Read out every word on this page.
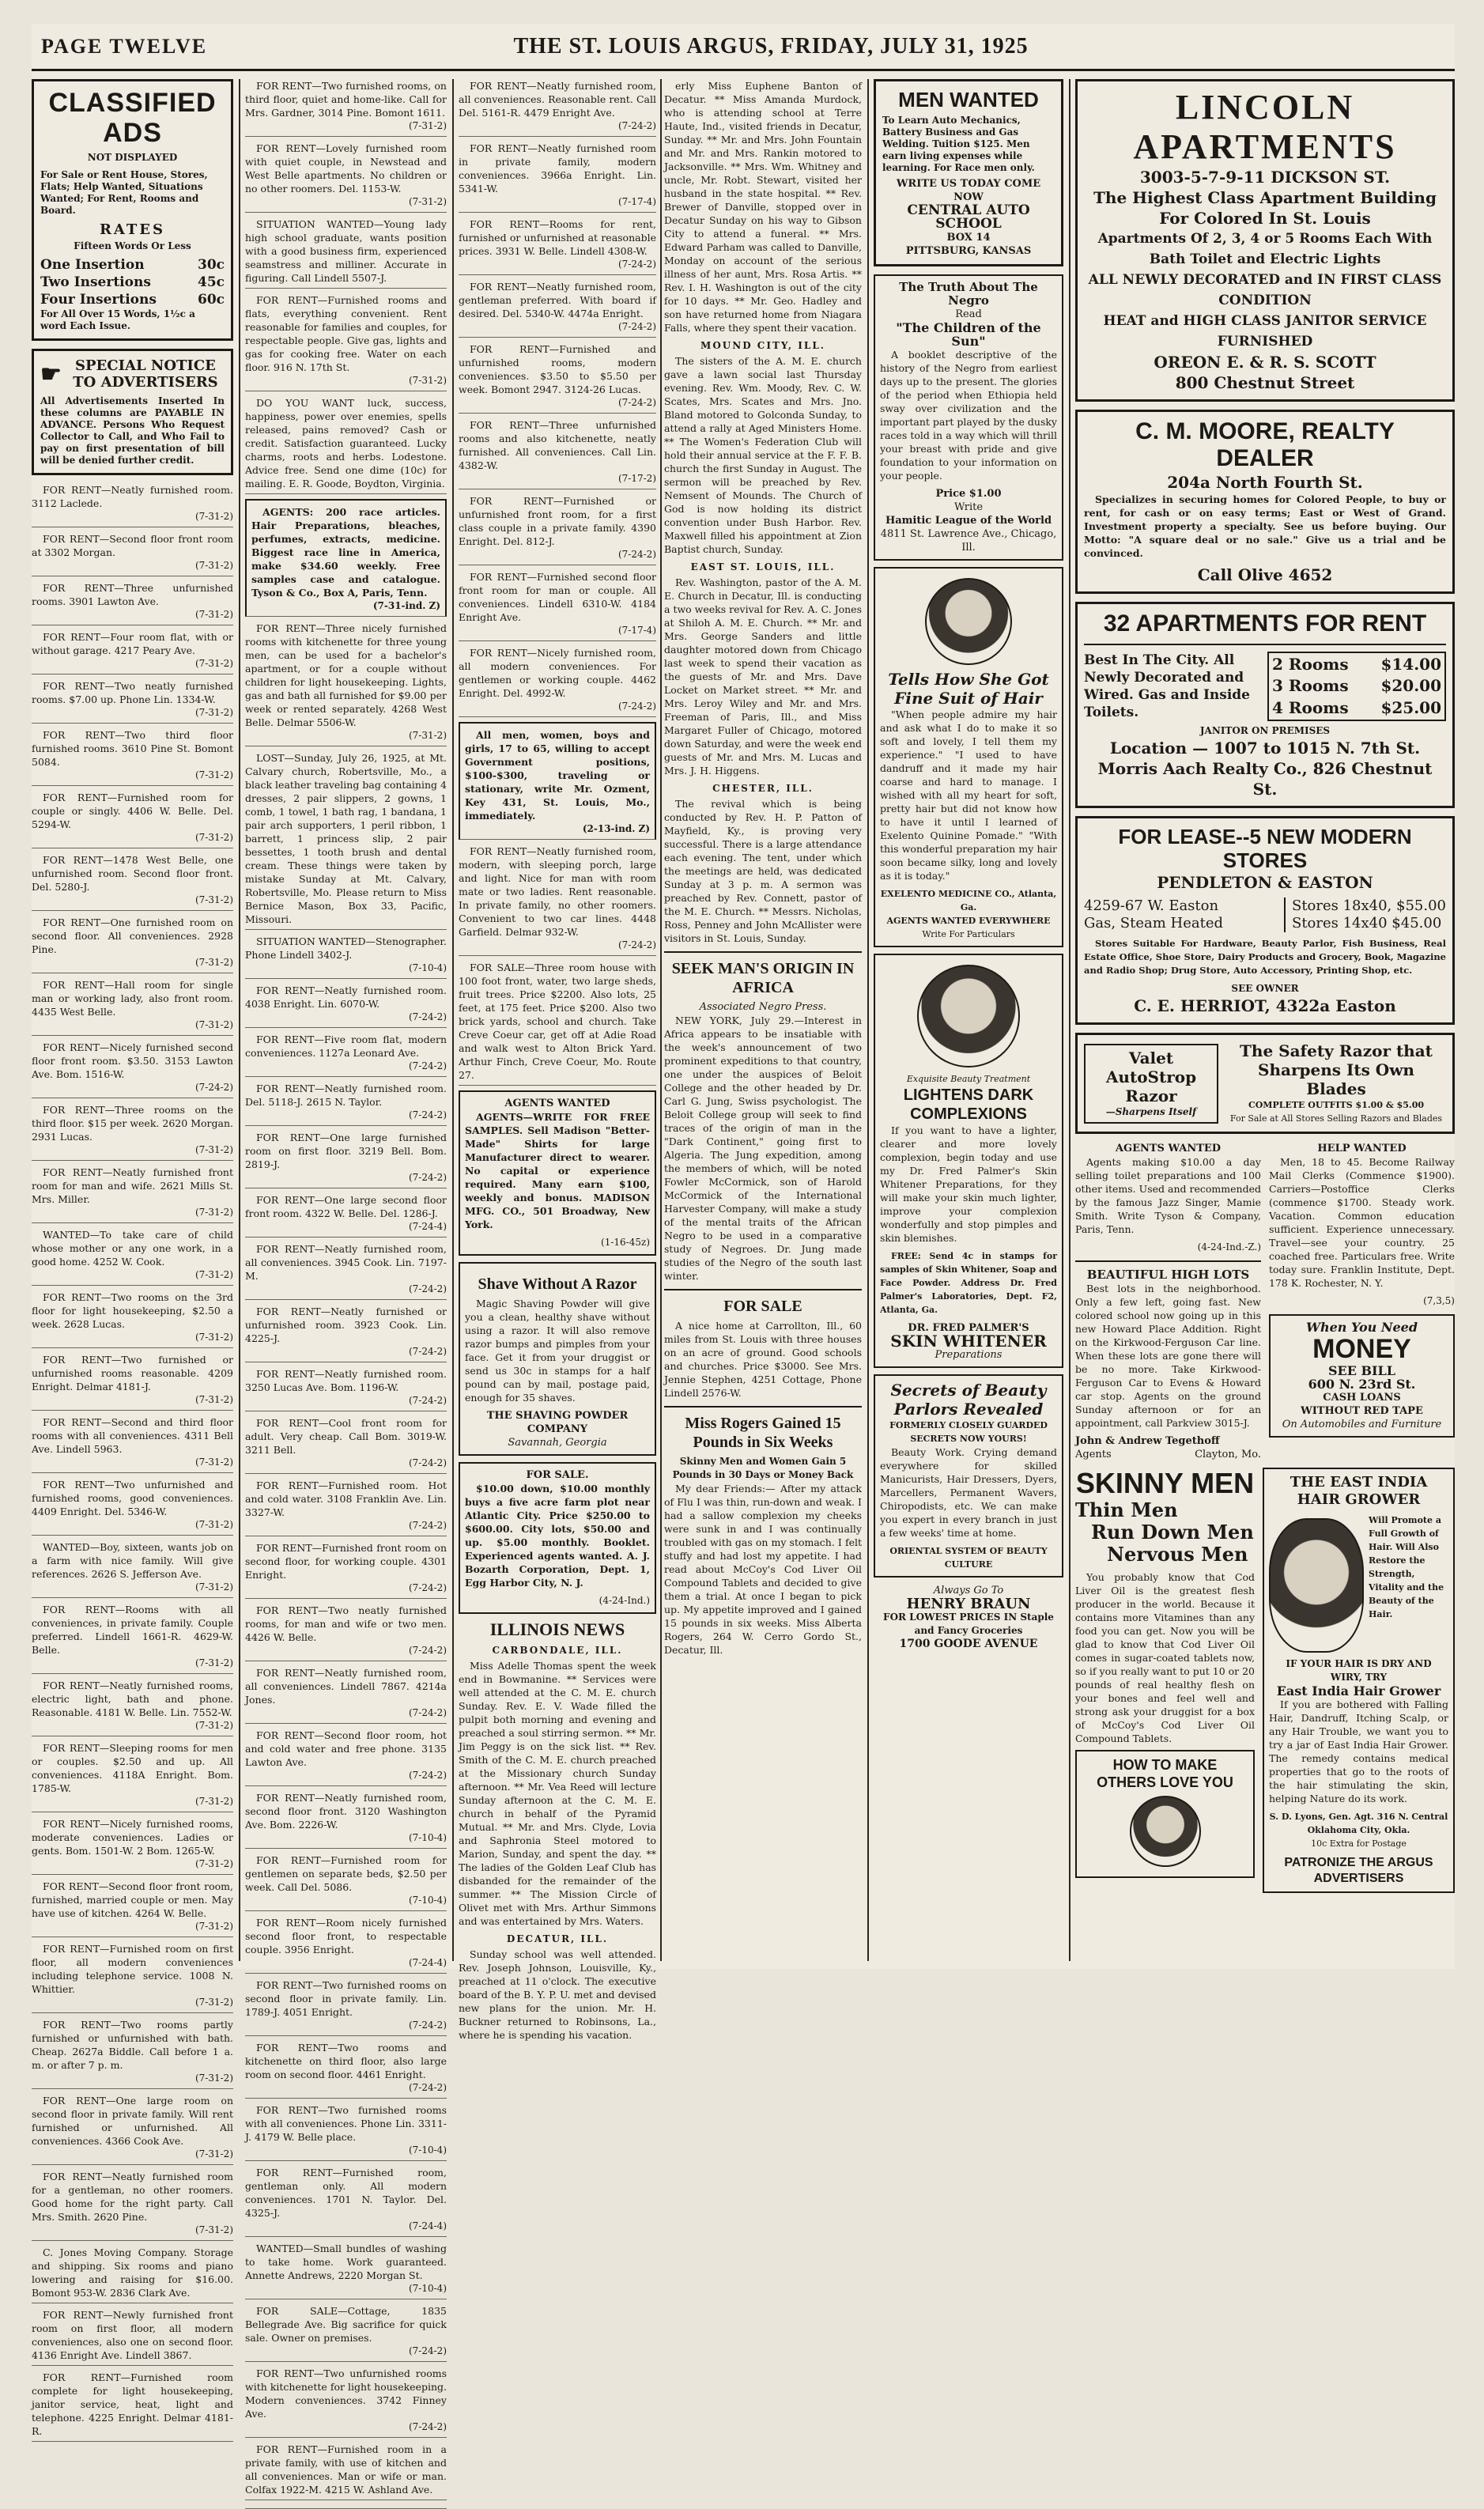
PAGE TWELVE	THE ST. LOUIS ARGUS, FRIDAY, JULY 31, 1925
CLASSIFIED ADS
NOT DISPLAYED
For Sale or Rent House, Stores, Flats; Help Wanted, Situations Wanted; For Rent, Rooms and Board.
RATES
Fifteen Words Or Less
One Insertion	30c
Two Insertions	45c
Four Insertions	60c
For All Over 15 Words, 1½c a word Each Issue.
☛ SPECIAL NOTICE TO ADVERTISERS
All Advertisements Inserted In these columns are PAYABLE IN ADVANCE. Persons Who Request Collector to Call, and Who Fail to pay on first presentation of bill will be denied further credit.
FOR RENT—Neatly furnished room. 3112 Laclede.
(7-31-2)
FOR RENT—Second floor front room at 3302 Morgan.
(7-31-2)
FOR RENT—Three unfurnished rooms. 3901 Lawton Ave.
(7-31-2)
FOR RENT—Four room flat, with or without garage. 4217 Peary Ave.
(7-31-2)
FOR RENT—Two neatly furnished rooms. $7.00 up. Phone Lin. 1334-W.
(7-31-2)
FOR RENT—Two third floor furnished rooms. 3610 Pine St. Bomont 5084.
(7-31-2)
FOR RENT—Furnished room for couple or singly. 4406 W. Belle. Del. 5294-W.
(7-31-2)
FOR RENT—1478 West Belle, one unfurnished room. Second floor front. Del. 5280-J.
(7-31-2)
FOR RENT—One furnished room on second floor. All conveniences. 2928 Pine.
(7-31-2)
FOR RENT—Hall room for single man or working lady, also front room. 4435 West Belle.
(7-31-2)
FOR RENT—Nicely furnished second floor front room. $3.50. 3153 Lawton Ave. Bom. 1516-W.
(7-24-2)
FOR RENT—Three rooms on the third floor. $15 per week. 2620 Morgan. 2931 Lucas.
(7-31-2)
FOR RENT—Neatly furnished front room for man and wife. 2621 Mills St. Mrs. Miller.
(7-31-2)
WANTED—To take care of child whose mother or any one work, in a good home. 4252 W. Cook.
(7-31-2)
FOR RENT—Two rooms on the 3rd floor for light housekeeping, $2.50 a week. 2628 Lucas.
(7-31-2)
FOR RENT—Two furnished or unfurnished rooms reasonable. 4209 Enright. Delmar 4181-J.
(7-31-2)
FOR RENT—Second and third floor rooms with all conveniences. 4311 Bell Ave. Lindell 5963.
(7-31-2)
FOR RENT—Two unfurnished and furnished rooms, good conveniences. 4409 Enright. Del. 5346-W.
(7-31-2)
WANTED—Boy, sixteen, wants job on a farm with nice family. Will give references. 2626 S. Jefferson Ave.
(7-31-2)
FOR RENT—Rooms with all conveniences, in private family. Couple preferred. Lindell 1661-R. 4629-W. Belle.
(7-31-2)
FOR RENT—Neatly furnished rooms, electric light, bath and phone. Reasonable. 4181 W. Belle. Lin. 7552-W.
(7-31-2)
FOR RENT—Sleeping rooms for men or couples. $2.50 and up. All conveniences. 4118A Enright. Bom. 1785-W.
(7-31-2)
FOR RENT—Nicely furnished rooms, moderate conveniences. Ladies or gents. Bom. 1501-W. 2 Bom. 1265-W.
(7-31-2)
FOR RENT—Second floor front room, furnished, married couple or men. May have use of kitchen. 4264 W. Belle.
(7-31-2)
FOR RENT—Furnished room on first floor, all modern conveniences including telephone service. 1008 N. Whittier.
(7-31-2)
FOR RENT—Two rooms partly furnished or unfurnished with bath. Cheap. 2627a Biddle. Call before 1 a. m. or after 7 p. m.
(7-31-2)
FOR RENT—One large room on second floor in private family. Will rent furnished or unfurnished. All conveniences. 4366 Cook Ave.
(7-31-2)
FOR RENT—Neatly furnished room for a gentleman, no other roomers. Good home for the right party. Call Mrs. Smith. 2620 Pine.
(7-31-2)
C. Jones Moving Company. Storage and shipping. Six rooms and piano lowering and raising for $16.00. Bomont 953-W. 2836 Clark Ave.
FOR RENT—Newly furnished front room on first floor, all modern conveniences, also one on second floor. 4136 Enright Ave. Lindell 3867.
FOR RENT—Furnished room complete for light housekeeping, janitor service, heat, light and telephone. 4225 Enright. Delmar 4181-R.
FOR RENT—Two furnished rooms, on third floor, quiet and home-like. Call for Mrs. Gardner, 3014 Pine. Bomont 1611.
(7-31-2)
FOR RENT—Lovely furnished room with quiet couple, in Newstead and West Belle apartments. No children or no other roomers. Del. 1153-W.
(7-31-2)
SITUATION WANTED—Young lady high school graduate, wants position with a good business firm, experienced seamstress and milliner. Accurate in figuring. Call Lindell 5507-J.
FOR RENT—Furnished rooms and flats, everything convenient. Rent reasonable for families and couples, for respectable people. Give gas, lights and gas for cooking free. Water on each floor. 916 N. 17th St.
(7-31-2)
DO YOU WANT luck, success, happiness, power over enemies, spells released, pains removed? Cash or credit. Satisfaction guaranteed. Lucky charms, roots and herbs. Lodestone. Advice free. Send one dime (10c) for mailing. E. R. Goode, Boydton, Virginia.
AGENTS: 200 race articles. Hair Preparations, bleaches, perfumes, extracts, medicine. Biggest race line in America, make $34.60 weekly. Free samples case and catalogue. Tyson & Co., Box A, Paris, Tenn.
(7-31-ind. Z)
FOR RENT—Three nicely furnished rooms with kitchenette for three young men, can be used for a bachelor's apartment, or for a couple without children for light housekeeping. Lights, gas and bath all furnished for $9.00 per week or rented separately. 4268 West Belle. Delmar 5506-W.
(7-31-2)
LOST—Sunday, July 26, 1925, at Mt. Calvary church, Robertsville, Mo., a black leather traveling bag containing 4 dresses, 2 pair slippers, 2 gowns, 1 comb, 1 towel, 1 bath rag, 1 bandana, 1 pair arch supporters, 1 peril ribbon, 1 barrett, 1 princess slip, 2 pair bessettes, 1 tooth brush and dental cream. These things were taken by mistake Sunday at Mt. Calvary, Robertsville, Mo. Please return to Miss Bernice Mason, Box 33, Pacific, Missouri.
SITUATION WANTED—Stenographer. Phone Lindell 3402-J.
(7-10-4)
FOR RENT—Neatly furnished room. 4038 Enright. Lin. 6070-W.
(7-24-2)
FOR RENT—Five room flat, modern conveniences. 1127a Leonard Ave.
(7-24-2)
FOR RENT—Neatly furnished room. Del. 5118-J. 2615 N. Taylor.
(7-24-2)
FOR RENT—One large furnished room on first floor. 3219 Bell. Bom. 2819-J.
(7-24-2)
FOR RENT—One large second floor front room. 4322 W. Belle. Del. 1286-J.
(7-24-4)
FOR RENT—Neatly furnished room, all conveniences. 3945 Cook. Lin. 7197-M.
(7-24-2)
FOR RENT—Neatly furnished or unfurnished room. 3923 Cook. Lin. 4225-J.
(7-24-2)
FOR RENT—Neatly furnished room. 3250 Lucas Ave. Bom. 1196-W.
(7-24-2)
FOR RENT—Cool front room for adult. Very cheap. Call Bom. 3019-W. 3211 Bell.
(7-24-2)
FOR RENT—Furnished room. Hot and cold water. 3108 Franklin Ave. Lin. 3327-W.
(7-24-2)
FOR RENT—Furnished front room on second floor, for working couple. 4301 Enright.
(7-24-2)
FOR RENT—Two neatly furnished rooms, for man and wife or two men. 4426 W. Belle.
(7-24-2)
FOR RENT—Neatly furnished room, all conveniences. Lindell 7867. 4214a Jones.
(7-24-2)
FOR RENT—Second floor room, hot and cold water and free phone. 3135 Lawton Ave.
(7-24-2)
FOR RENT—Neatly furnished room, second floor front. 3120 Washington Ave. Bom. 2226-W.
(7-10-4)
FOR RENT—Furnished room for gentlemen on separate beds, $2.50 per week. Call Del. 5086.
(7-10-4)
FOR RENT—Room nicely furnished second floor front, to respectable couple. 3956 Enright.
(7-24-4)
FOR RENT—Two furnished rooms on second floor in private family. Lin. 1789-J. 4051 Enright.
(7-24-2)
FOR RENT—Two rooms and kitchenette on third floor, also large room on second floor. 4461 Enright.
(7-24-2)
FOR RENT—Two furnished rooms with all conveniences. Phone Lin. 3311-J. 4179 W. Belle place.
(7-10-4)
FOR RENT—Furnished room, gentleman only. All modern conveniences. 1701 N. Taylor. Del. 4325-J.
(7-24-4)
WANTED—Small bundles of washing to take home. Work guaranteed. Annette Andrews, 2220 Morgan St.
(7-10-4)
FOR SALE—Cottage, 1835 Bellegrade Ave. Big sacrifice for quick sale. Owner on premises.
(7-24-2)
FOR RENT—Two unfurnished rooms with kitchenette for light housekeeping. Modern conveniences. 3742 Finney Ave.
(7-24-2)
FOR RENT—Furnished room in a private family, with use of kitchen and all conveniences. Man or wife or man. Colfax 1922-M. 4215 W. Ashland Ave.
FOR RENT—Neatly furnished room, all conveniences. Reasonable rent. Call Del. 5161-R. 4479 Enright Ave.
(7-24-2)
FOR RENT—Neatly furnished room in private family, modern conveniences. 3966a Enright. Lin. 5341-W.
(7-17-4)
FOR RENT—Rooms for rent, furnished or unfurnished at reasonable prices. 3931 W. Belle. Lindell 4308-W.
(7-24-2)
FOR RENT—Neatly furnished room, gentleman preferred. With board if desired. Del. 5340-W. 4474a Enright.
(7-24-2)
FOR RENT—Furnished and unfurnished rooms, modern conveniences. $3.50 to $5.50 per week. Bomont 2947. 3124-26 Lucas.
(7-24-2)
FOR RENT—Three unfurnished rooms and also kitchenette, neatly furnished. All conveniences. Call Lin. 4382-W.
(7-17-2)
FOR RENT—Furnished or unfurnished front room, for a first class couple in a private family. 4390 Enright. Del. 812-J.
(7-24-2)
FOR RENT—Furnished second floor front room for man or couple. All conveniences. Lindell 6310-W. 4184 Enright Ave.
(7-17-4)
FOR RENT—Nicely furnished room, all modern conveniences. For gentlemen or working couple. 4462 Enright. Del. 4992-W.
(7-24-2)
All men, women, boys and girls, 17 to 65, willing to accept Government positions, $100-$300, traveling or stationary, write Mr. Ozment, Key 431, St. Louis, Mo., immediately.
(2-13-ind. Z)
FOR RENT—Neatly furnished room, modern, with sleeping porch, large and light. Nice for man with room mate or two ladies. Rent reasonable. In private family, no other roomers. Convenient to two car lines. 4448 Garfield. Delmar 932-W.
(7-24-2)
FOR SALE—Three room house with 100 foot front, water, two large sheds, fruit trees. Price $2200. Also lots, 25 feet, at 175 feet. Price $200. Also two brick yards, school and church. Take Creve Coeur car, get off at Adie Road and walk west to Alton Brick Yard. Arthur Finch, Creve Coeur, Mo. Route 27.
AGENTS WANTED
AGENTS—WRITE FOR FREE SAMPLES. Sell Madison "Better-Made" Shirts for large Manufacturer direct to wearer. No capital or experience required. Many earn $100, weekly and bonus. MADISON MFG. CO., 501 Broadway, New York.
(1-16-45z)
Shave Without A Razor
Magic Shaving Powder will give you a clean, healthy shave without using a razor. It will also remove razor bumps and pimples from your face. Get it from your druggist or send us 30c in stamps for a half pound can by mail, postage paid, enough for 35 shaves.
THE SHAVING POWDER COMPANY
Savannah, Georgia
FOR SALE.
$10.00 down, $10.00 monthly buys a five acre farm plot near Atlantic City. Price $250.00 to $600.00. City lots, $50.00 and up. $5.00 monthly. Booklet. Experienced agents wanted. A. J. Bozarth Corporation, Dept. 1, Egg Harbor City, N. J.
(4-24-Ind.)
ILLINOIS NEWS
CARBONDALE, ILL.
Miss Adelle Thomas spent the week end in Bowmanine. ** Services were well attended at the C. M. E. church Sunday. Rev. E. V. Wade filled the pulpit both morning and evening and preached a soul stirring sermon. ** Mr. Jim Peggy is on the sick list. ** Rev. Smith of the C. M. E. church preached at the Missionary church Sunday afternoon. ** Mr. Vea Reed will lecture Sunday afternoon at the C. M. E. church in behalf of the Pyramid Mutual. ** Mr. and Mrs. Clyde, Lovia and Saphronia Steel motored to Marion, Sunday, and spent the day. ** The ladies of the Golden Leaf Club has disbanded for the remainder of the summer. ** The Mission Circle of Olivet met with Mrs. Arthur Simmons and was entertained by Mrs. Waters.
DECATUR, ILL.
Sunday school was well attended. Rev. Joseph Johnson, Louisville, Ky., preached at 11 o'clock. The executive board of the B. Y. P. U. met and devised new plans for the union. Mr. H. Buckner returned to Robinsons, La., where he is spending his vacation.
erly Miss Euphene Banton of Decatur. ** Miss Amanda Murdock, who is attending school at Terre Haute, Ind., visited friends in Decatur, Sunday. ** Mr. and Mrs. John Fountain and Mr. and Mrs. Rankin motored to Jacksonville. ** Mrs. Wm. Whitney and uncle, Mr. Robt. Stewart, visited her husband in the state hospital. ** Rev. Brewer of Danville, stopped over in Decatur Sunday on his way to Gibson City to attend a funeral. ** Mrs. Edward Parham was called to Danville, Monday on account of the serious illness of her aunt, Mrs. Rosa Artis. ** Rev. I. H. Washington is out of the city for 10 days. ** Mr. Geo. Hadley and son have returned home from Niagara Falls, where they spent their vacation.
MOUND CITY, ILL.
The sisters of the A. M. E. church gave a lawn social last Thursday evening. Rev. Wm. Moody, Rev. C. W. Scates, Mrs. Scates and Mrs. Jno. Bland motored to Golconda Sunday, to attend a rally at Aged Ministers Home. ** The Women's Federation Club will hold their annual service at the F. F. B. church the first Sunday in August. The sermon will be preached by Rev. Nemsent of Mounds. The Church of God is now holding its district convention under Bush Harbor. Rev. Maxwell filled his appointment at Zion Baptist church, Sunday.
EAST ST. LOUIS, ILL.
Rev. Washington, pastor of the A. M. E. Church in Decatur, Ill. is conducting a two weeks revival for Rev. A. C. Jones at Shiloh A. M. E. Church. ** Mr. and Mrs. George Sanders and little daughter motored down from Chicago last week to spend their vacation as the guests of Mr. and Mrs. Dave Locket on Market street. ** Mr. and Mrs. Leroy Wiley and Mr. and Mrs. Freeman of Paris, Ill., and Miss Margaret Fuller of Chicago, motored down Saturday, and were the week end guests of Mr. and Mrs. M. Lucas and Mrs. J. H. Higgens.
CHESTER, ILL.
The revival which is being conducted by Rev. H. P. Patton of Mayfield, Ky., is proving very successful. There is a large attendance each evening. The tent, under which the meetings are held, was dedicated Sunday at 3 p. m. A sermon was preached by Rev. Connett, pastor of the M. E. Church. ** Messrs. Nicholas, Ross, Penney and John McAllister were visitors in St. Louis, Sunday.
SEEK MAN'S ORIGIN IN AFRICA
Associated Negro Press.
NEW YORK, July 29.—Interest in Africa appears to be insatiable with the week's announcement of two prominent expeditions to that country, one under the auspices of Beloit College and the other headed by Dr. Carl G. Jung, Swiss psychologist. The Beloit College group will seek to find traces of the origin of man in the "Dark Continent," going first to Algeria. The Jung expedition, among the members of which, will be noted Fowler McCormick, son of Harold McCormick of the International Harvester Company, will make a study of the mental traits of the African Negro to be used in a comparative study of Negroes. Dr. Jung made studies of the Negro of the south last winter.
FOR SALE
A nice home at Carrollton, Ill., 60 miles from St. Louis with three houses on an acre of ground. Good schools and churches. Price $3000. See Mrs. Jennie Stephen, 4251 Cottage, Phone Lindell 2576-W.
Miss Rogers Gained 15 Pounds in Six Weeks
Skinny Men and Women Gain 5 Pounds in 30 Days or Money Back
My dear Friends:— After my attack of Flu I was thin, run-down and weak. I had a sallow complexion my cheeks were sunk in and I was continually troubled with gas on my stomach. I felt stuffy and had lost my appetite. I had read about McCoy's Cod Liver Oil Compound Tablets and decided to give them a trial. At once I began to pick up. My appetite improved and I gained 15 pounds in six weeks. Miss Alberta Rogers, 264 W. Cerro Gordo St., Decatur, Ill.
MEN WANTED
To Learn Auto Mechanics, Battery Business and Gas Welding. Tuition $125. Men earn living expenses while learning. For Race men only.
WRITE US TODAY COME NOW
CENTRAL AUTO SCHOOL
BOX 14
PITTSBURG, KANSAS
The Truth About The Negro
Read
"The Children of the Sun"
A booklet descriptive of the history of the Negro from earliest days up to the present. The glories of the period when Ethiopia held sway over civilization and the important part played by the dusky races told in a way which will thrill your breast with pride and give foundation to your information on your people.
Price $1.00
Write
Hamitic League of the World
4811 St. Lawrence Ave., Chicago, Ill.
Tells How She Got Fine Suit of Hair
"When people admire my hair and ask what I do to make it so soft and lovely, I tell them my experience." "I used to have dandruff and it made my hair coarse and hard to manage. I wished with all my heart for soft, pretty hair but did not know how to have it until I learned of Exelento Quinine Pomade." "With this wonderful preparation my hair soon became silky, long and lovely as it is today."
EXELENTO MEDICINE CO., Atlanta, Ga.
AGENTS WANTED EVERYWHERE
Write For Particulars
Exquisite Beauty Treatment
LIGHTENS DARK COMPLEXIONS
If you want to have a lighter, clearer and more lovely complexion, begin today and use my Dr. Fred Palmer's Skin Whitener Preparations, for they will make your skin much lighter, improve your complexion wonderfully and stop pimples and skin blemishes.
FREE: Send 4c in stamps for samples of Skin Whitener, Soap and Face Powder. Address Dr. Fred Palmer's Laboratories, Dept. F2, Atlanta, Ga.
DR. FRED PALMER'S
SKIN WHITENER
Preparations
Secrets of Beauty Parlors Revealed
FORMERLY CLOSELY GUARDED SECRETS NOW YOURS!
Beauty Work. Crying demand everywhere for skilled Manicurists, Hair Dressers, Dyers, Marcellers, Permanent Wavers, Chiropodists, etc. We can make you expert in every branch in just a few weeks' time at home.
ORIENTAL SYSTEM OF BEAUTY CULTURE
Always Go To
HENRY BRAUN
FOR LOWEST PRICES IN Staple and Fancy Groceries
1700 GOODE AVENUE
LINCOLN APARTMENTS
3003-5-7-9-11 DICKSON ST.
The Highest Class Apartment Building For Colored In St. Louis
Apartments Of 2, 3, 4 or 5 Rooms Each With Bath Toilet and Electric Lights
ALL NEWLY DECORATED and IN FIRST CLASS CONDITION
HEAT and HIGH CLASS JANITOR SERVICE FURNISHED
OREON E. & R. S. SCOTT
800 Chestnut Street
C. M. MOORE, REALTY DEALER
204a North Fourth St.
Specializes in securing homes for Colored People, to buy or rent, for cash or on easy terms; East or West of Grand. Investment property a specialty. See us before buying. Our Motto: "A square deal or no sale." Give us a trial and be convinced.
Call Olive 4652
32 APARTMENTS FOR RENT
Best In The City. All Newly Decorated and Wired. Gas and Inside Toilets.
2 Rooms	$14.00
3 Rooms	$20.00
4 Rooms	$25.00
JANITOR ON PREMISES
Location — 1007 to 1015 N. 7th St.
Morris Aach Realty Co., 826 Chestnut St.
FOR LEASE--5 NEW MODERN STORES
PENDLETON & EASTON
4259-67 W. Easton
Gas, Steam Heated
Stores 18x40, $55.00
Stores 14x40 $45.00
Stores Suitable For Hardware, Beauty Parlor, Fish Business, Real Estate Office, Shoe Store, Dairy Products and Grocery, Book, Magazine and Radio Shop; Drug Store, Auto Accessory, Printing Shop, etc.
SEE OWNER
C. E. HERRIOT, 4322a Easton
Valet AutoStrop Razor
—Sharpens Itself
The Safety Razor that Sharpens Its Own Blades
COMPLETE OUTFITS $1.00 & $5.00
For Sale at All Stores Selling Razors and Blades
AGENTS WANTED
Agents making $10.00 a day selling toilet preparations and 100 other items. Used and recommended by the famous Jazz Singer, Mamie Smith. Write Tyson & Company, Paris, Tenn.
(4-24-Ind.-Z.)
BEAUTIFUL HIGH LOTS
Best lots in the neighborhood. Only a few left, going fast. New colored school now going up in this new Howard Place Addition. Right on the Kirkwood-Ferguson Car line. When these lots are gone there will be no more. Take Kirkwood-Ferguson Car to Evens & Howard car stop. Agents on the ground Sunday afternoon or for an appointment, call Parkview 3015-J.
John & Andrew Tegethoff
Agents	Clayton, Mo.
HELP WANTED
Men, 18 to 45. Become Railway Mail Clerks (Commence $1900). Carriers—Postoffice Clerks (commence $1700. Steady work. Vacation. Common education sufficient. Experience unnecessary. Travel—see your country. 25 coached free. Particulars free. Write today sure. Franklin Institute, Dept. 178 K. Rochester, N. Y.
(7,3,5)
When You Need
MONEY
SEE BILL
600 N. 23rd St.
CASH LOANS
WITHOUT RED TAPE
On Automobiles and Furniture
SKINNY MEN
Thin Men
Run Down Men
Nervous Men
You probably know that Cod Liver Oil is the greatest flesh producer in the world. Because it contains more Vitamines than any food you can get. Now you will be glad to know that Cod Liver Oil comes in sugar-coated tablets now, so if you really want to put 10 or 20 pounds of real healthy flesh on your bones and feel well and strong ask your druggist for a box of McCoy's Cod Liver Oil Compound Tablets.
HOW TO MAKE OTHERS LOVE YOU
THE EAST INDIA HAIR GROWER
Will Promote a Full Growth of Hair. Will Also Restore the Strength, Vitality and the Beauty of the Hair.
IF YOUR HAIR IS DRY AND WIRY, TRY
East India Hair Grower
If you are bothered with Falling Hair, Dandruff, Itching Scalp, or any Hair Trouble, we want you to try a jar of East India Hair Grower. The remedy contains medical properties that go to the roots of the hair stimulating the skin, helping Nature do its work.
S. D. Lyons, Gen. Agt. 316 N. Central Oklahoma City, Okla.
10c Extra for Postage
PATRONIZE THE ARGUS ADVERTISERS
